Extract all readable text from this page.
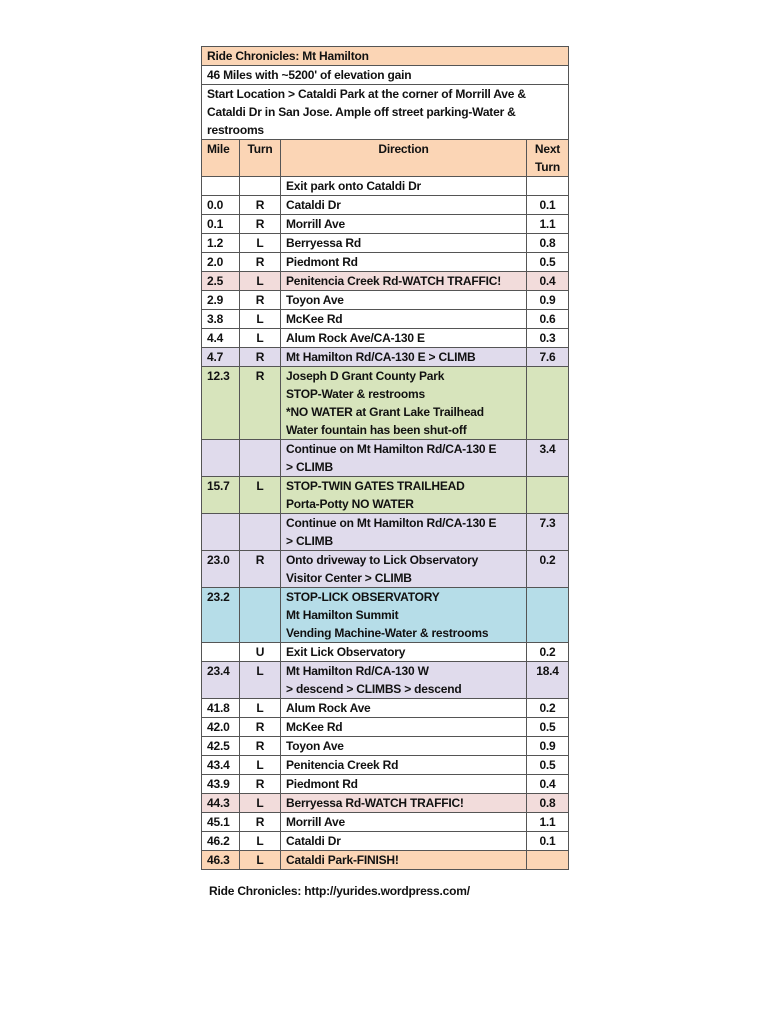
Ride Chronicles: Mt Hamilton			
46 Miles with ~5200' of elevation gain			
Start Location > Cataldi Park at the corner of Morrill Ave & Cataldi Dr in San Jose. Ample off street parking-Water & restrooms			
Mile	Turn	Direction	Next Turn

		Exit park onto Cataldi Dr	

0.0	R	Cataldi Dr	0.1
0.1	R	Morrill Ave	1.1
1.2	L	Berryessa Rd	0.8
2.0	R	Piedmont Rd	0.5
2.5	L	Penitencia Creek Rd-WATCH TRAFFIC!	0.4
2.9	R	Toyon Ave	0.9
3.8	L	McKee Rd	0.6
4.4	L	Alum Rock Ave/CA-130 E	0.3
4.7	R	Mt Hamilton Rd/CA-130 E > CLIMB	7.6
12.3	R	Joseph D Grant County Park
STOP-Water & restrooms
*NO WATER at Grant Lake Trailhead
Water fountain has been shut-off	

		Continue on Mt Hamilton Rd/CA-130 E
> CLIMB	3.4
15.7	L	STOP-TWIN GATES TRAILHEAD
Porta-Potty NO WATER	

		Continue on Mt Hamilton Rd/CA-130 E
> CLIMB	7.3
23.0	R	Onto driveway to Lick Observatory
Visitor Center > CLIMB	0.2
23.2		STOP-LICK OBSERVATORY
Mt Hamilton Summit
Vending Machine-Water & restrooms	

	U	Exit Lick Observatory	0.2
23.4	L	Mt Hamilton Rd/CA-130 W
> descend > CLIMBS > descend	18.4
41.8	L	Alum Rock Ave	0.2
42.0	R	McKee Rd	0.5
42.5	R	Toyon Ave	0.9
43.4	L	Penitencia Creek Rd	0.5
43.9	R	Piedmont Rd	0.4
44.3	L	Berryessa Rd-WATCH TRAFFIC!	0.8
45.1	R	Morrill Ave	1.1
46.2	L	Cataldi Dr	0.1
46.3	L	Cataldi Park-FINISH!	

Ride Chronicles: http://yurides.wordpress.com/
